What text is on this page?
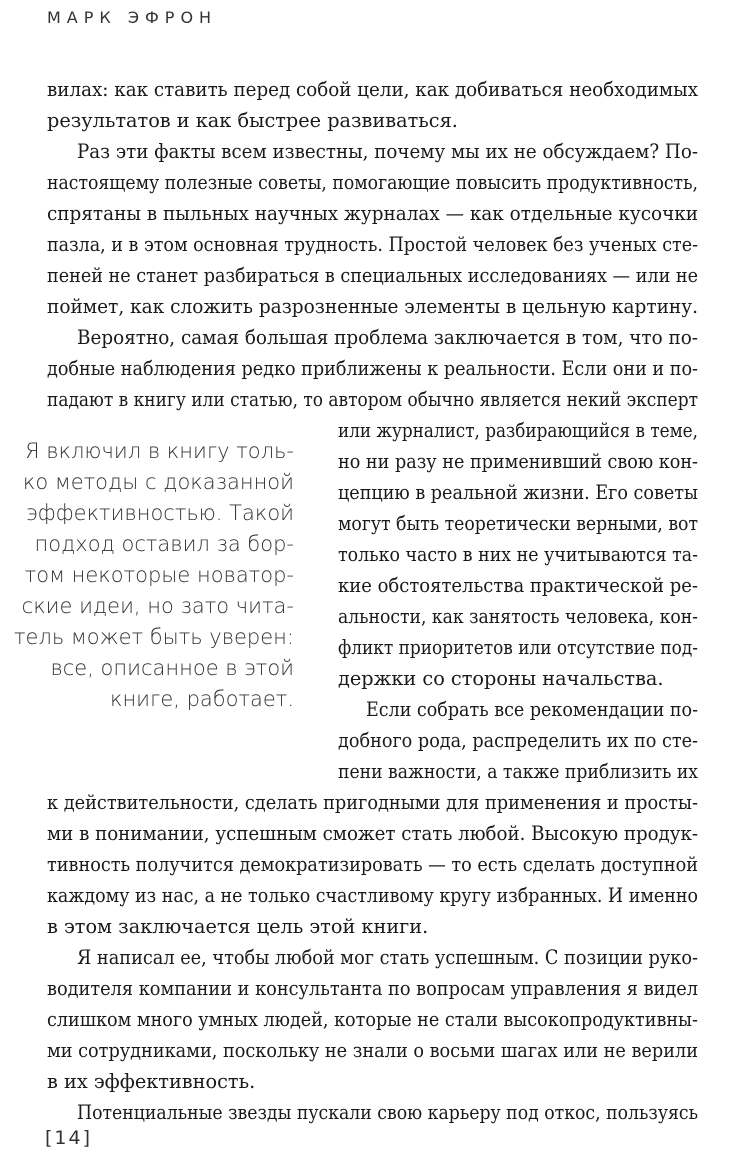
МАРК ЭФРОН
вилах: как ставить перед собой цели, как добиваться необходимых
результатов и как быстрее развиваться.
Раз эти факты всем известны, почему мы их не обсуждаем? По-
настоящему полезные советы, помогающие повысить продуктивность,
спрятаны в пыльных научных журналах — как отдельные кусочки
пазла, и в этом основная трудность. Простой человек без ученых сте-
пеней не станет разбираться в специальных исследованиях — или не
поймет, как сложить разрозненные элементы в цельную картину.
Вероятно, самая большая проблема заключается в том, что по-
добные наблюдения редко приближены к реальности. Если они и по-
падают в книгу или статью, то автором обычно является некий эксперт
или журналист, разбирающийся в теме,
но ни разу не применивший свою кон-
цепцию в реальной жизни. Его советы
могут быть теоретически верными, вот
только часто в них не учитываются та-
кие обстоятельства практической ре-
альности, как занятость человека, кон-
фликт приоритетов или отсутствие под-
держки со стороны начальства.
Если собрать все рекомендации по-
добного рода, распределить их по сте-
пени важности, а также приблизить их
к действительности, сделать пригодными для применения и просты-
ми в понимании, успешным сможет стать любой. Высокую продук-
тивность получится демократизировать — то есть сделать доступной
каждому из нас, а не только счастливому кругу избранных. И именно
в этом заключается цель этой книги.
Я написал ее, чтобы любой мог стать успешным. С позиции руко-
водителя компании и консультанта по вопросам управления я видел
слишком много умных людей, которые не стали высокопродуктивны-
ми сотрудниками, поскольку не знали о восьми шагах или не верили
в их эффективность.
Потенциальные звезды пускали свою карьеру под откос, пользуясь
Я включил в книгу толь-
ко методы с доказанной
эффективностью. Такой
подход оставил за бор-
том некоторые новатор-
ские идеи, но зато чита-
тель может быть уверен:
все, описанное в этой
книге, работает.
[14]
